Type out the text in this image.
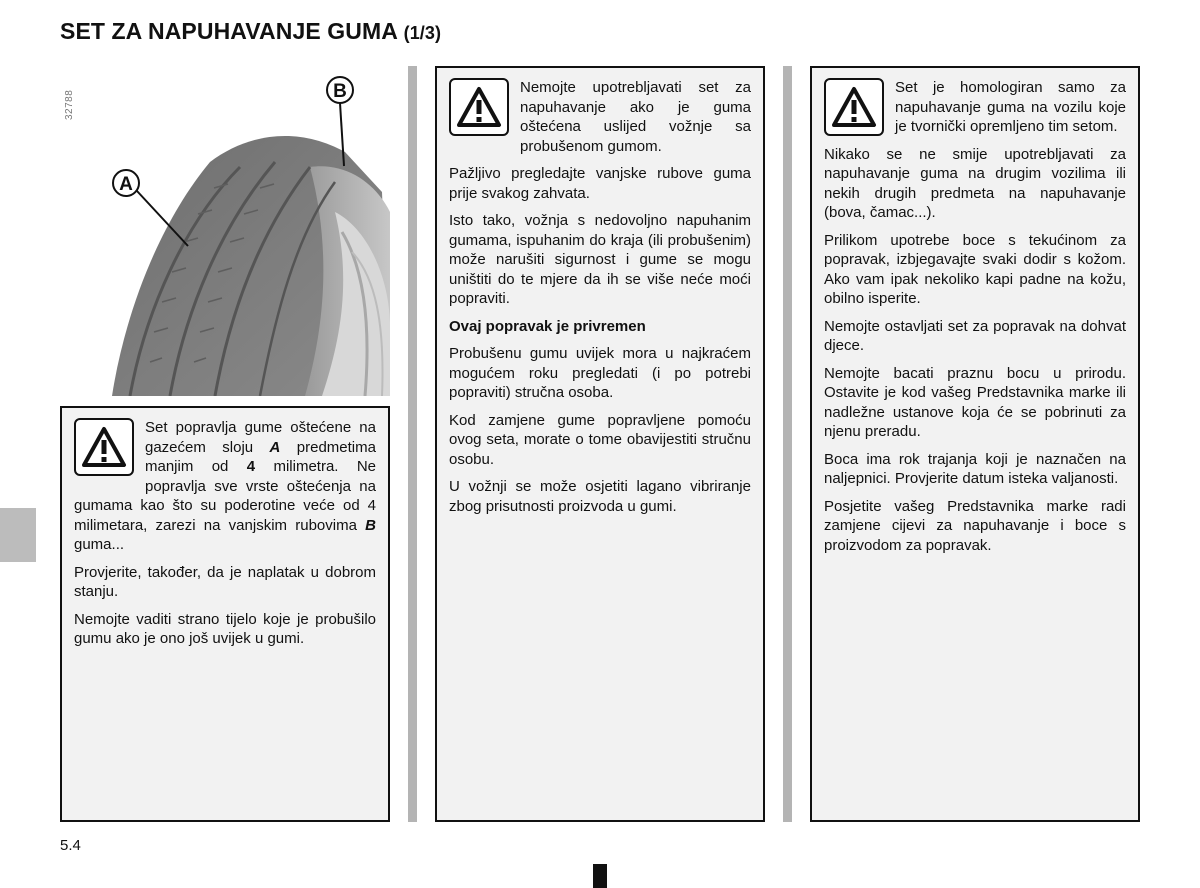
SET ZA NAPUHAVANJE GUMA (1/3)
32788	B
A

Set popravlja gume oštećene na gazećem sloju A predmetima manjim od 4 milimetra. Ne popravlja sve vrste oštećenja na gumama kao što su poderotine veće od 4 milimetara, zarezi na vanjskim rubovima B guma...

Provjerite, također, da je naplatak u dobrom stanju.

Nemojte vaditi strano tijelo koje je probušilo gumu ako je ono još uvijek u gumi.

Nemojte upotrebljavati set za napuhavanje ako je guma oštećena uslijed vožnje sa probušenom gumom.

Pažljivo pregledajte vanjske rubove guma prije svakog zahvata.

Isto tako, vožnja s nedovoljno napuhanim gumama, ispuhanim do kraja (ili probušenim) može narušiti sigurnost i gume se mogu uništiti do te mjere da ih se više neće moći popraviti.

Ovaj popravak je privremen

Probušenu gumu uvijek mora u najkraćem mogućem roku pregledati (i po potrebi popraviti) stručna osoba.

Kod zamjene gume popravljene pomoću ovog seta, morate o tome obavijestiti stručnu osobu.

U vožnji se može osjetiti lagano vibriranje zbog prisutnosti proizvoda u gumi.

Set je homologiran samo za napuhavanje guma na vozilu koje je tvornički opremljeno tim setom.

Nikako se ne smije upotrebljavati za napuhavanje guma na drugim vozilima ili nekih drugih predmeta na napuhavanje (bova, čamac...).

Prilikom upotrebe boce s tekućinom za popravak, izbjegavajte svaki dodir s kožom. Ako vam ipak nekoliko kapi padne na kožu, obilno isperite.

Nemojte ostavljati set za popravak na dohvat djece.

Nemojte bacati praznu bocu u prirodu. Ostavite je kod vašeg Predstavnika marke ili nadležne ustanove koja će se pobrinuti za njenu preradu.

Boca ima rok trajanja koji je naznačen na naljepnici. Provjerite datum isteka valjanosti.

Posjetite vašeg Predstavnika marke radi zamjene cijevi za napuhavanje i boce s proizvodom za popravak.

5.4
